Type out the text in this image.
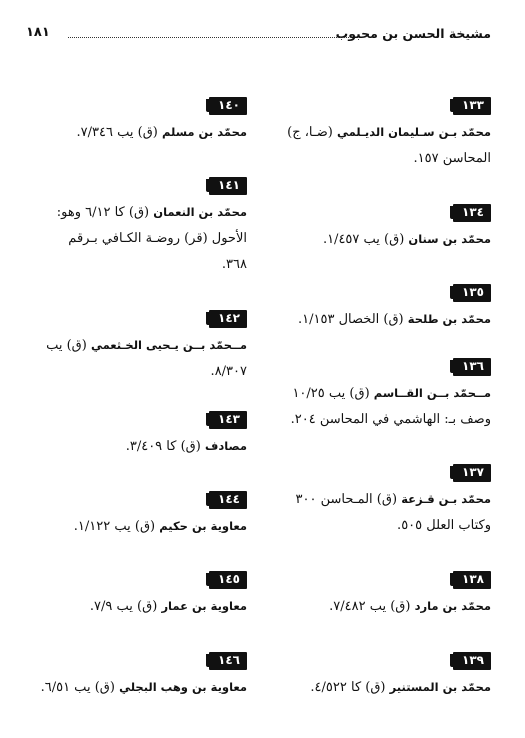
مشيخة الحسن بن محبوب
١٨١
١٣٣
محمّد بـن سـليمان الديـلمي (ضـا، ج)
المحاسن ١٥٧.
١٣٤
محمّد بن سنان (ق) يب ١/٤٥٧.
١٣٥
محمّد بن طلحة (ق) الخصال ١/١٥٣.
١٣٦
مــحمّد بــن القــاسم (ق) يب ١٠/٢٥
وصف بـ: الهاشمي في المحاسن ٢٠٤.
١٣٧
محمّد بـن قـزعة (ق) المـحاسن ٣٠٠
وكتاب العلل ٥٠٥.
١٣٨
محمّد بن مارد (ق) يب ٧/٤٨٢.
١٣٩
محمّد بن المستنير (ق) كا ٤/٥٢٢.
١٤٠
محمّد بن مسلم (ق) يب ٧/٣٤٦.
١٤١
محمّد بن النعمان (ق) كا ٦/١٢ وهو:
الأحول (قر) روضـة الكـافي بـرقم
٣٦٨.
١٤٢
مــحمّد بــن يـحيى الخـثعمي (ق) يب
٨/٣٠٧.
١٤٣
مصادف (ق) كا ٣/٤٠٩.
١٤٤
معاوية بن حكيم (ق) يب ١/١٢٢.
١٤٥
معاوية بن عمار (ق) يب ٧/٩.
١٤٦
معاوية بن وهب البجلي (ق) يب ٦/٥١.
